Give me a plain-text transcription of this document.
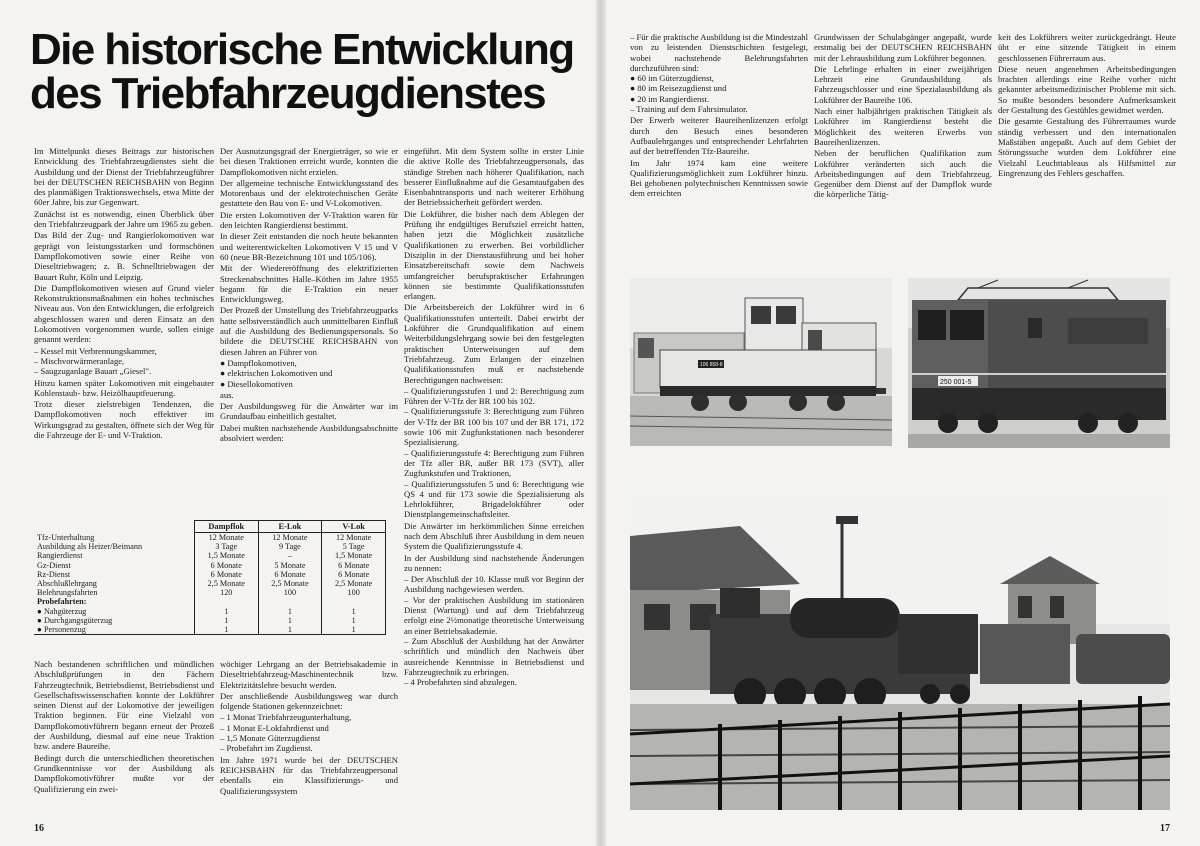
Die historische Entwicklung des Triebfahrzeugdienstes

Im Mittelpunkt dieses Beitrags zur historischen Entwicklung des Triebfahrzeugdienstes sieht die Ausbildung und der Dienst der Triebfahrzeugführer bei der DEUTSCHEN REICHSBAHN von Beginn des planmäßigen Traktionswechsels, etwa Mitte der 60er Jahre, bis zur Gegenwart.

Zunächst ist es notwendig, einen Überblick über den Triebfahrzeugpark der Jahre um 1965 zu geben.

Das Bild der Zug- und Rangierlokomotiven war geprägt von leistungsstarken und formschönen Dampflokomotiven sowie einer Reihe von Dieseltriebwagen; z. B. Schnelltriebwagen der Bauart Ruhr, Köln und Leipzig.

Die Dampflokomotiven wiesen auf Grund vieler Rekonstruktionsmaßnahmen ein hohes technisches Niveau aus. Von den Entwicklungen, die erfolgreich abgeschlossen waren und deren Einsatz an den Lokomotiven vorgenommen wurde, sollen einige genannt werden:

– Kessel mit Verbrennungskammer,
– Mischvorwärmeranlage,
– Saugzuganlage Bauart „Giesel".

Hinzu kamen später Lokomotiven mit eingebauter Kohlenstaub- bzw. Heizölhauptfeuerung.

Trotz dieser zielstrebigen Tendenzen, die Dampflokomotiven noch effektiver im Wirkungsgrad zu gestalten, öffnete sich der Weg für die Fahrzeuge der E- und V-Traktion.

Der Ausnutzungsgrad der Energieträger, so wie er bei diesen Traktionen erreicht wurde, konnten die Dampflokomotiven nicht erzielen.

Der allgemeine technische Entwicklungsstand des Motorenbaus und der elektrotechnischen Geräte gestattete den Bau von E- und V-Lokomotiven.

Die ersten Lokomotiven der V-Traktion waren für den leichten Rangierdienst bestimmt.

In dieser Zeit entstanden die noch heute bekannten und weiterentwickelten Lokomotiven V 15 und V 60 (neue BR-Bezeichnung 101 und 105/106).

Mit der Wiedereröffnung des elektrifizierten Streckenabschnittes Halle–Köthen im Jahre 1955 begann für die E-Traktion ein neuer Entwicklungsweg.

Der Prozeß der Umstellung des Triebfahrzeugparks hatte selbstverständlich auch unmittelbaren Einfluß auf die Ausbildung des Bedienungspersonals. So bildete die DEUTSCHE REICHSBAHN von diesen Jahren an Führer von

● Dampflokomotiven,
● elektrischen Lokomotiven und
● Diesellokomotiven

aus.

Der Ausbildungsweg für die Anwärter war im Grundaufbau einheitlich gestaltet.

Dabei mußten nachstehende Ausbildungsabschnitte absolviert werden:

	Dampflok	E-Lok	V-Lok
Tfz-Unterhaltung	12 Monate	12 Monate	12 Monate
Ausbildung als Heizer/Beimann	3 Tage	9 Tage	5 Tage
Rangierdienst	1,5 Monate	–	1,5 Monate
Gz-Dienst	6 Monate	5 Monate	6 Monate
Rz-Dienst	6 Monate	6 Monate	6 Monate
Abschlußlehrgang	2,5 Monate	2,5 Monate	2,5 Monate
Belehrungsfahrten	120	100	100
Probefahrten:			
● Nahgüterzug	1	1	1
● Durchgangsgüterzug	1	1	1
● Personenzug	1	1	1

eingeführt. Mit dem System sollte in erster Linie die aktive Rolle des Triebfahrzeugpersonals, das ständige Streben nach höherer Qualifikation, nach besserer Einflußnahme auf die Gesamtaufgaben des Eisenbahntransports und nach weiterer Erhöhung der Betriebssicherheit gefördert werden.

Die Lokführer, die bisher nach dem Ablegen der Prüfung ihr endgültiges Berufsziel erreicht hatten, haben jetzt die Möglichkeit zusätzliche Qualifikationen zu erwerben. Bei vorbildlicher Disziplin in der Dienstausführung und bei hoher Einsatzbereitschaft sowie dem Nachweis umfangreicher berufspraktischer Erfahrungen können sie bestimmte Qualifikationsstufen erlangen.

Die Arbeitsbereich der Lokführer wird in 6 Qualifikationsstufen unterteilt. Dabei erwirbt der Lokführer die Grundqualifikation auf einem Weiterbildungslehrgang sowie bei den festgelegten praktischen Unterweisungen auf dem Triebfahrzeug. Zum Erlangen der einzelnen Qualifikationsstufen muß er nachstehende Berechtigungen nachweisen:

– Qualifizierungsstufen 1 und 2: Berechtigung zum Führen der V-Tfz der BR 100 bis 102.
– Qualifizierungsstufe 3: Berechtigung zum Führen der V-Tfz der BR 100 bis 107 und der BR 171, 172 sowie 106 mit Zugfunkstationen nach besonderer Spezialisierung.
– Qualifizierungsstufe 4: Berechtigung zum Führen der Tfz aller BR, außer BR 173 (SVT), aller Zugfunkstufen und Traktionen,
– Qualifizierungsstufen 5 und 6: Berechtigung wie QS 4 und für 173 sowie die Spezialisierung als Lehrlokführer, Brigadelokführer oder Dienstplangemeinschaftsleiter.

Die Anwärter im herkömmlichen Sinne erreichen nach dem Abschluß ihrer Ausbildung in dem neuen System die Qualifizierungsstufe 4.

In der Ausbildung sind nachstehende Änderungen zu nennen:

– Der Abschluß der 10. Klasse muß vor Beginn der Ausbildung nachgewiesen werden.
– Vor der praktischen Ausbildung im stationären Dienst (Wartung) und auf dem Triebfahrzeug erfolgt eine 2½monatige theoretische Unterweisung an einer Betriebsakademie.
– Zum Abschluß der Ausbildung hat der Anwärter schriftlich und mündlich den Nachweis über ausreichende Kenntnisse in Betriebsdienst und Fahrzeugtechnik zu erbringen.
– 4 Probefahrten sind abzulegen.

Nach bestandenen schriftlichen und mündlichen Abschlußprüfungen in den Fächern Fahrzeugtechnik, Betriebsdienst, Betriebsdienst und Gesellschaftswissenschaften konnte der Lokführer seinen Dienst auf der Lokomotive der jeweiligen Traktion beginnen. Für eine Vielzahl von Dampflokomotivführern begann erneut der Prozeß der Ausbildung, diesmal auf eine neue Traktion bzw. andere Baureihe.

Bedingt durch die unterschiedlichen theoretischen Grundkenntnisse vor der Ausbildung als Dampflokomotivführer mußte vor der Qualifizierung ein zwei-

wöchiger Lehrgang an der Betriebsakademie in Dieseltriebfahrzeug-Maschinentechnik bzw. Elektrizitätslehre besucht werden.

Der anschließende Ausbildungsweg war durch folgende Stationen gekennzeichnet:

– 1 Monat Triebfahrzeugunterhaltung,
– 1 Monat E-Lokfahrdienst und
– 1,5 Monate Güterzugdienst
– Probefahrt im Zugdienst.

Im Jahre 1971 wurde bei der DEUTSCHEN REICHSBAHN für das Triebfahrzeugpersonal ebenfalls ein Klassifizierungs- und Qualifizierungssystem

16
– Für die praktische Ausbildung ist die Mindestzahl von zu leistenden Dienstschichten festgelegt, wobei nachstehende Belehrungsfahrten durchzuführen sind:
● 60 im Güterzugdienst,
● 80 im Reisezugdienst und
● 20 im Rangierdienst.
– Training auf dem Fahrsimulator.

Der Erwerb weiterer Baureihenlizenzen erfolgt durch den Besuch eines besonderen Aufbaulehrganges und entsprechender Lehrfahrten auf der betreffenden Tfz-Baureihe.

Im Jahr 1974 kam eine weitere Qualifizierungsmöglichkeit zum Lokführer hinzu. Bei gehobenen polytechnischen Kenntnissen sowie dem erreichten

Grundwissen der Schulabgänger angepaßt, wurde erstmalig bei der DEUTSCHEN REICHSBAHN mit der Lehrausbildung zum Lokführer begonnen.

Die Lehrlinge erhalten in einer zweijährigen Lehrzeit eine Grundausbildung als Fahrzeugschlosser und eine Spezialausbildung als Lokführer der Baureihe 106.

Nach einer halbjährigen praktischen Tätigkeit als Lokführer im Rangierdienst besteht die Möglichkeit des weiteren Erwerbs von Baureihenlizenzen.

Neben der beruflichen Qualifikation zum Lokführer veränderten sich auch die Arbeitsbedingungen auf dem Triebfahrzeug. Gegenüber dem Dienst auf der Dampflok wurde die körperliche Tätig-

keit des Lokführers weiter zurückgedrängt. Heute übt er eine sitzende Tätigkeit in einem geschlossenen Führerraum aus.

Diese neuen angenehmen Arbeitsbedingungen brachten allerdings eine Reihe vorher nicht gekannter arbeitsmedizinischer Probleme mit sich. So mußte besonders besondere Aufmerksamkeit der Gestaltung des Gestühles gewidmet werden.

Die gesamte Gestaltung des Führerraumes wurde ständig verbessert und den internationalen Maßstäben angepaßt. Auch auf dem Gebiet der Störungssuche wurden dem Lokführer eine Vielzahl Leuchttableaus als Hilfsmittel zur Eingrenzung des Fehlers geschaffen.

106 858-8
250 001-5
17
